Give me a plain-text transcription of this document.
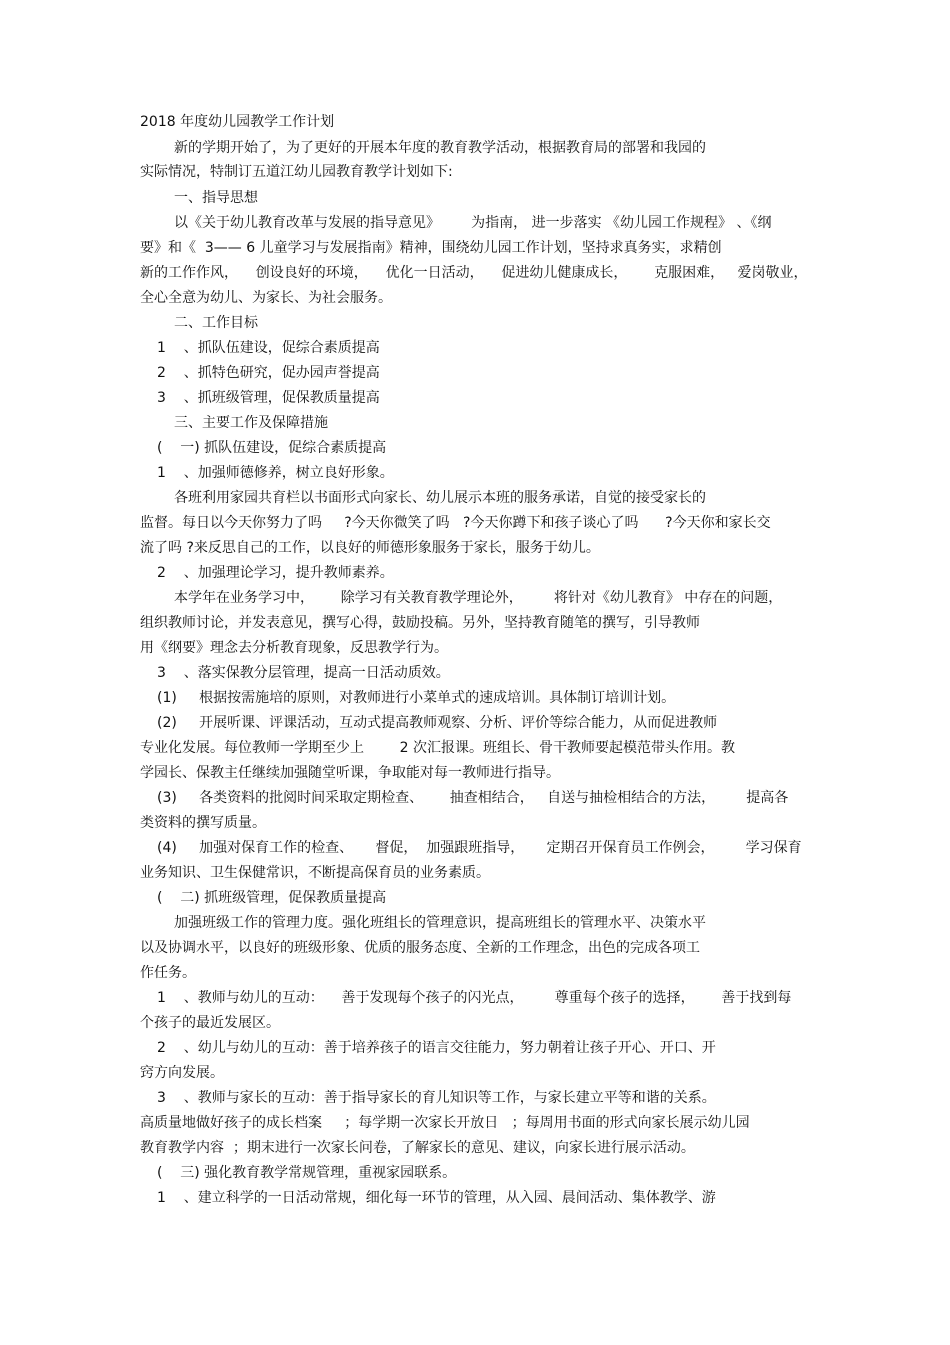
2018 年度幼儿园教学工作计划
新的学期开始了，为了更好的开展本年度的教育教学活动，根据教育局的部署和我园的
实际情况，特制订五道江幼儿园教育教学计划如下:
一、指导思想
以《关于幼儿教育改革与发展的指导意见》       为指南， 进一步落实 《幼儿园工作规程》 、《纲
要》和《  3—— 6 儿童学习与发展指南》精神，围绕幼儿园工作计划，坚持求真务实，求精创
新的工作作风，    创设良好的环境，    优化一日活动，    促进幼儿健康成长，      克服困难，   爱岗敬业，
全心全意为幼儿、为家长、为社会服务。
二、工作目标
1    、抓队伍建设，促综合素质提高
2    、抓特色研究，促办园声誉提高
3    、抓班级管理，促保教质量提高
三、主要工作及保障措施
(    一) 抓队伍建设，促综合素质提高
1    、加强师德修养，树立良好形象。
各班利用家园共育栏以书面形式向家长、幼儿展示本班的服务承诺，自觉的接受家长的
监督。每日以今天你努力了吗     ?今天你微笑了吗   ?今天你蹲下和孩子谈心了吗      ?今天你和家长交
流了吗 ?来反思自己的工作，以良好的师德形象服务于家长，服务于幼儿。
2    、加强理论学习，提升教师素养。
本学年在业务学习中，      除学习有关教育教学理论外，       将针对《幼儿教育》 中存在的问题，
组织教师讨论，并发表意见，撰写心得，鼓励投稿。另外，坚持教育随笔的撰写，引导教师
用《纲要》理念去分析教育现象，反思教学行为。
3    、落实保教分层管理，提高一日活动质效。
(1)     根据按需施培的原则，对教师进行小菜单式的速成培训。具体制订培训计划。
(2)     开展听课、评课活动，互动式提高教师观察、分析、评价等综合能力，从而促进教师
专业化发展。每位教师一学期至少上        2 次汇报课。班组长、骨干教师要起模范带头作用。教
学园长、保教主任继续加强随堂听课，争取能对每一教师进行指导。
(3)     各类资料的批阅时间采取定期检查、      抽查相结合，   自送与抽检相结合的方法，       提高各
类资料的撰写质量。
(4)     加强对保育工作的检查、     督促，  加强跟班指导，     定期召开保育员工作例会，       学习保育
业务知识、卫生保健常识，不断提高保育员的业务素质。
(    二) 抓班级管理，促保教质量提高
加强班级工作的管理力度。强化班组长的管理意识，提高班组长的管理水平、决策水平
以及协调水平，以良好的班级形象、优质的服务态度、全新的工作理念，出色的完成各项工
作任务。
1    、教师与幼儿的互动：    善于发现每个孩子的闪光点，       尊重每个孩子的选择，      善于找到每
个孩子的最近发展区。
2    、幼儿与幼儿的互动：善于培养孩子的语言交往能力，努力朝着让孩子开心、开口、开
窍方向发展。
3    、教师与家长的互动：善于指导家长的育儿知识等工作，与家长建立平等和谐的关系。
高质量地做好孩子的成长档案     ；每学期一次家长开放日   ；每周用书面的形式向家长展示幼儿园
教育教学内容  ；期末进行一次家长问卷，了解家长的意见、建议，向家长进行展示活动。
(    三) 强化教育教学常规管理，重视家园联系。
1    、建立科学的一日活动常规，细化每一环节的管理，从入园、晨间活动、集体教学、游
